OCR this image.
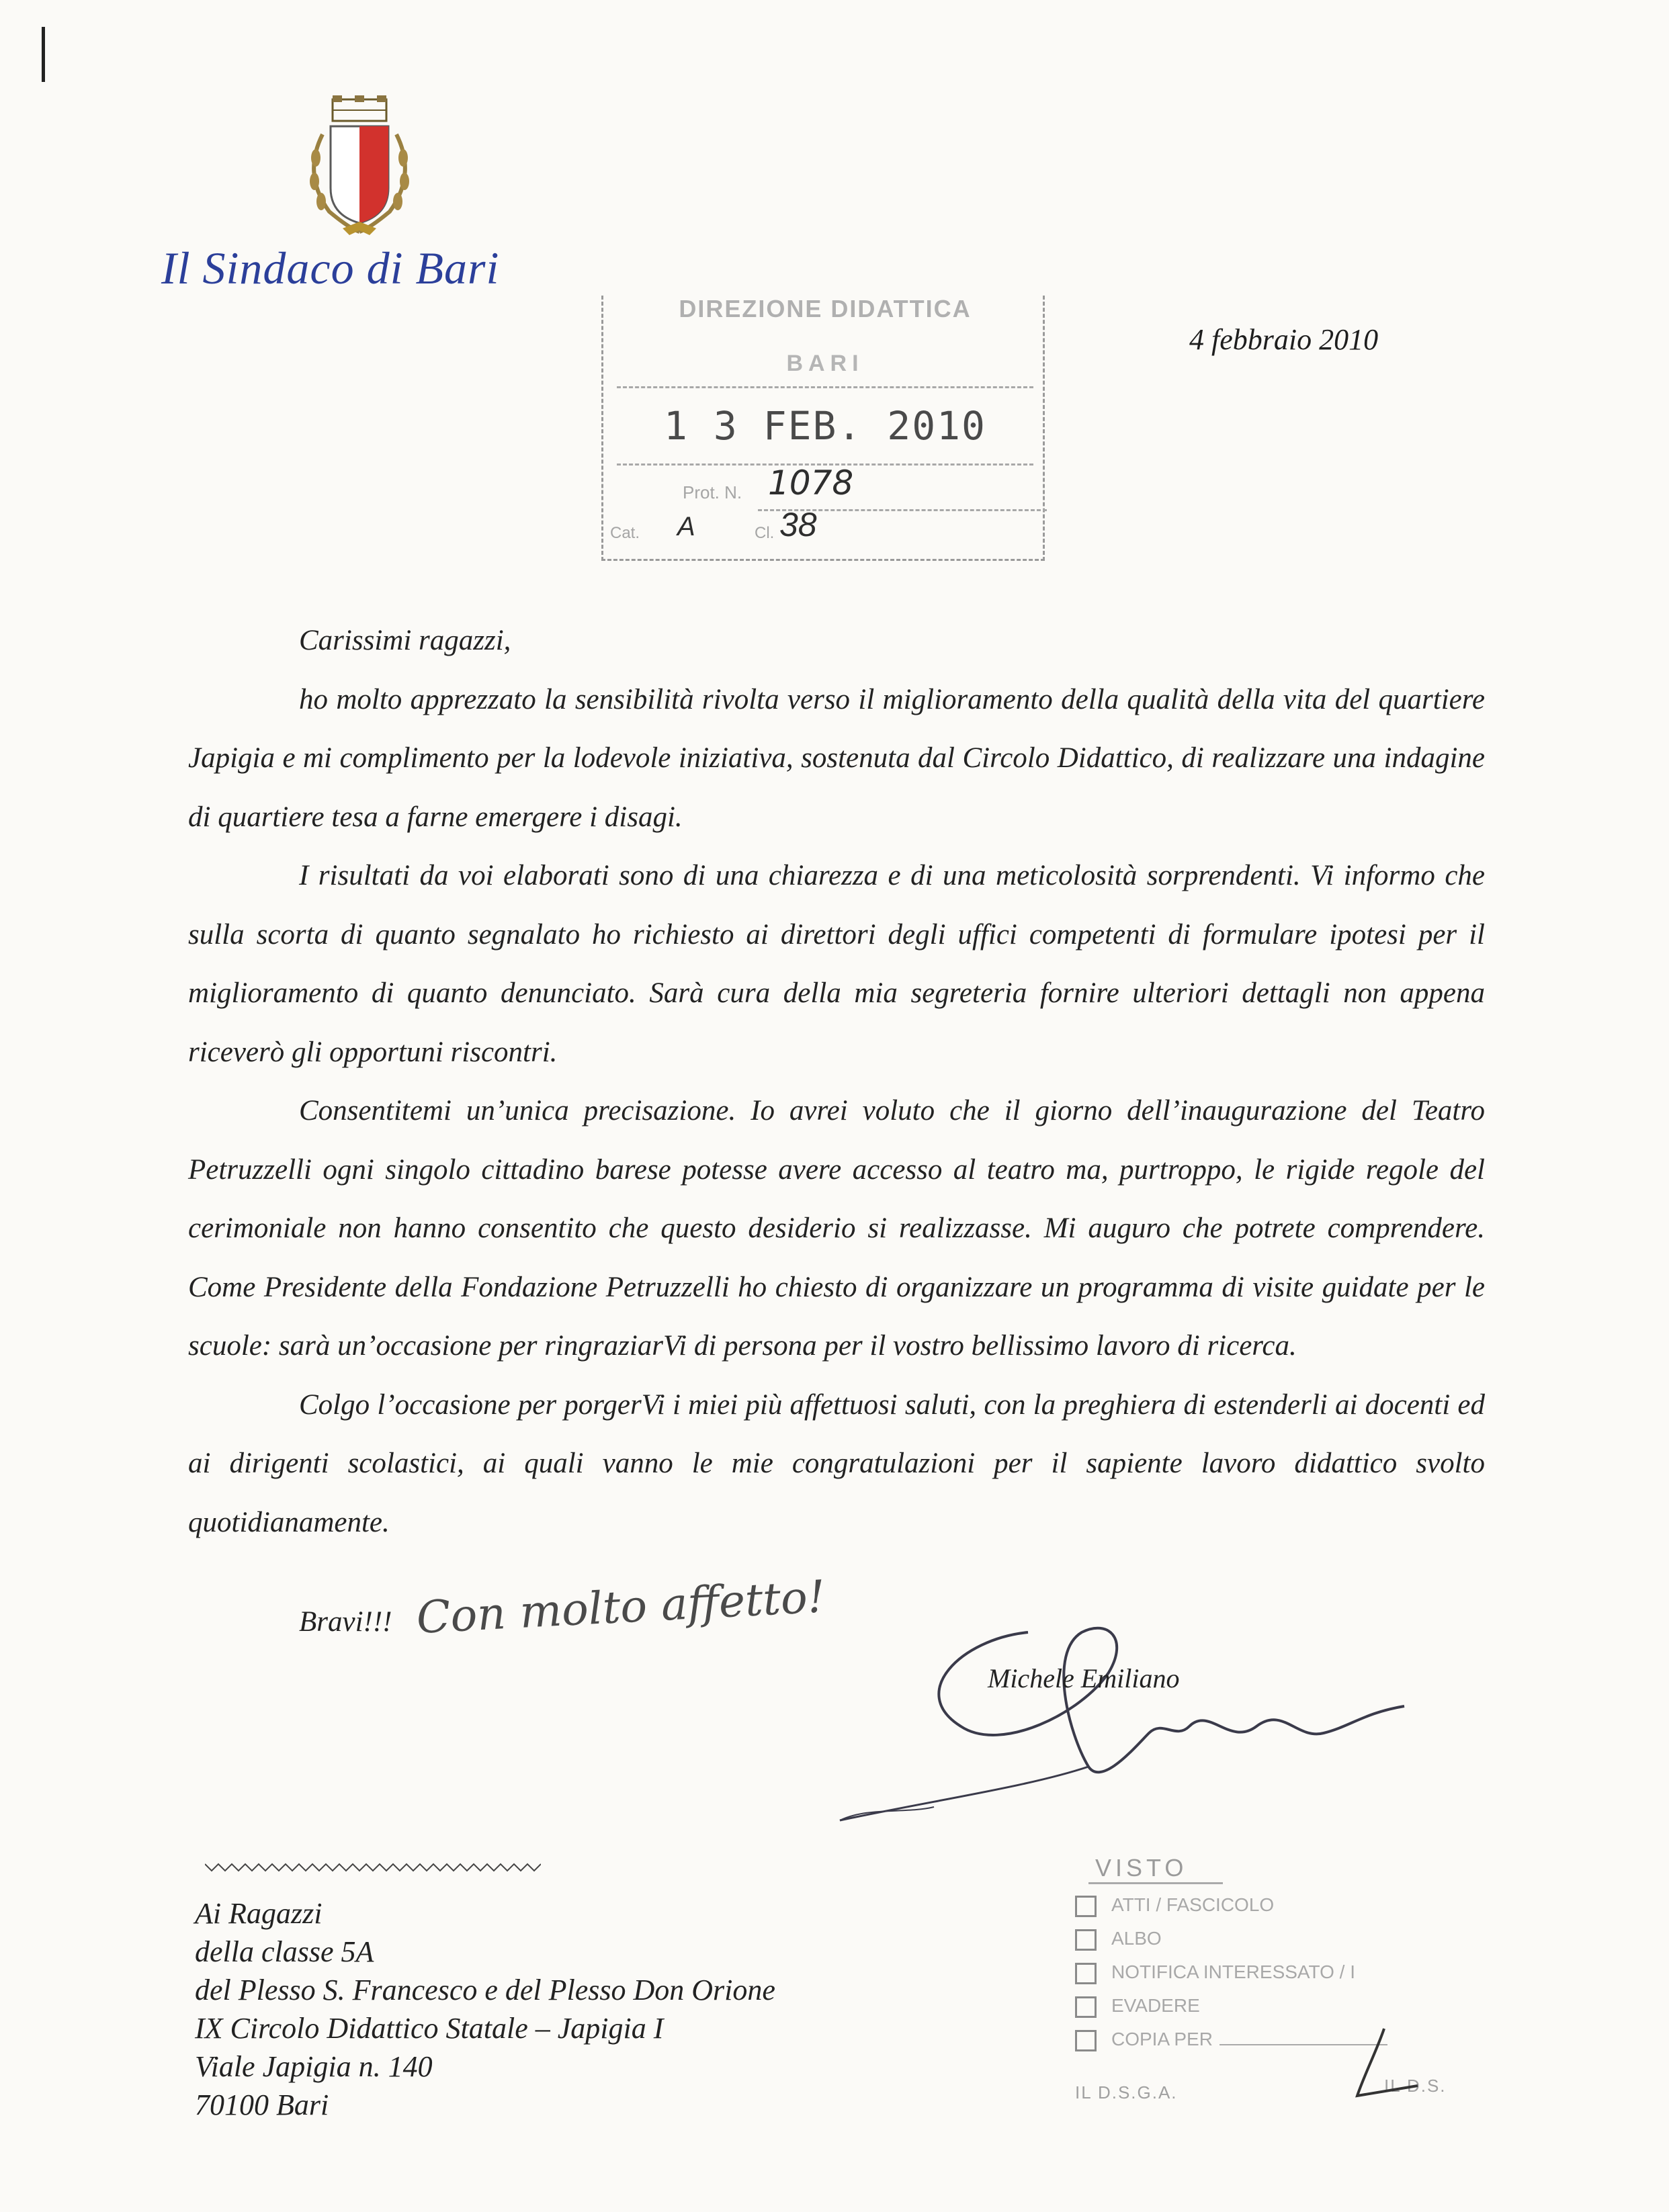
Il Sindaco di Bari
4 febbraio 2010
DIREZIONE DIDATTICA
BARI
1 3 FEB. 2010
Prot. N. 1078
Cat. A	Cl. 38
Carissimi ragazzi,

ho molto apprezzato la sensibilità rivolta verso il miglioramento della qualità della vita del quartiere Japigia e mi complimento per la lodevole iniziativa, sostenuta dal Circolo Didattico, di realizzare una indagine di quartiere tesa a farne emergere i disagi.

I risultati da voi elaborati sono di una chiarezza e di una meticolosità sorprendenti. Vi informo che sulla scorta di quanto segnalato ho richiesto ai direttori degli uffici competenti di formulare ipotesi per il miglioramento di quanto denunciato. Sarà cura della mia segreteria fornire ulteriori dettagli non appena riceverò gli opportuni riscontri.

Consentitemi un’unica precisazione. Io avrei voluto che il giorno dell’inaugurazione del Teatro Petruzzelli ogni singolo cittadino barese potesse avere accesso al teatro ma, purtroppo, le rigide regole del cerimoniale non hanno consentito che questo desiderio si realizzasse. Mi auguro che potrete comprendere. Come Presidente della Fondazione Petruzzelli ho chiesto di organizzare un programma di visite guidate per le scuole: sarà un’occasione per ringraziarVi di persona per il vostro bellissimo lavoro di ricerca.

Colgo l’occasione per porgerVi i miei più affettuosi saluti, con la preghiera di estenderli ai docenti ed ai dirigenti scolastici, ai quali vanno le mie congratulazioni per il sapiente lavoro didattico svolto quotidianamente.

Bravi!!! Con molto affetto!
Michele Emiliano
Ai Ragazzi
della classe 5A
del Plesso S. Francesco e del Plesso Don Orione
IX Circolo Didattico Statale – Japigia I
Viale Japigia n. 140
70100 Bari
VISTO
ATTI / FASCICOLO
ALBO
NOTIFICA INTERESSATO / I
EVADERE
COPIA PER
IL D.S.G.A.	IL D.S.
